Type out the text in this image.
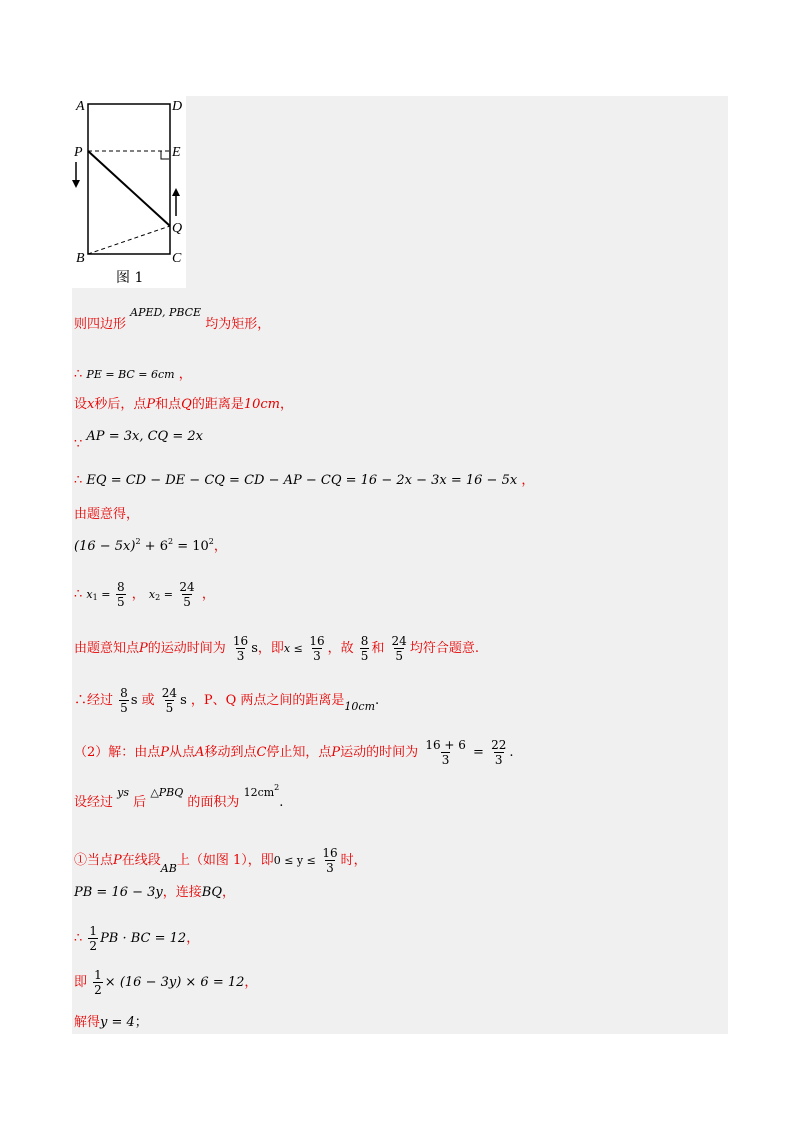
A	D
P	E
Q
B	C
图 1
则四边形 $^{APED, PBCE}$ 均为矩形，
∴ PE = BC = 6cm ，
设x秒后，点P和点Q的距离是10cm，
∵ AP = 3x, CQ = 2x
∴ EQ = CD − DE − CQ = CD − AP − CQ = 16 − 2x − 3x = 16 − 5x ，
由题意得，
$(16 - 5x)^2 + 6^2 = 10^2$，
∴ $x_1 = \frac{8}{5}$ ， $x_2 = \frac{24}{5}$ ，
由题意知点P的运动时间为 $\frac{16}{3}$ s，即$x \le \frac{16}{3}$ ，故 $\frac{8}{5}$ 和 $\frac{24}{5}$ 均符合题意.
∴经过 $\frac{8}{5}$ s 或 $\frac{24}{5}$ s ，P、Q 两点之间的距离是$_{10cm}$.
（2）解：由点P从点A移动到点C停止知，点P运动的时间为 $\frac{16 + 6}{3} = \frac{22}{3}$ .
设经过 $^{ys}$ 后 $^{\triangle PBQ}$ 的面积为 $^{12cm^2}$.
①当点P在线段$_{AB}$上（如图 1），即$0 \le y \le \frac{16}{3}$ 时，
PB = 16 − 3y，连接BQ，
∴ $\frac{1}{2}$ PB · BC = 12，
即 $\frac{1}{2} \times (16 - 3y) \times 6 = 12$，
解得y = 4；
